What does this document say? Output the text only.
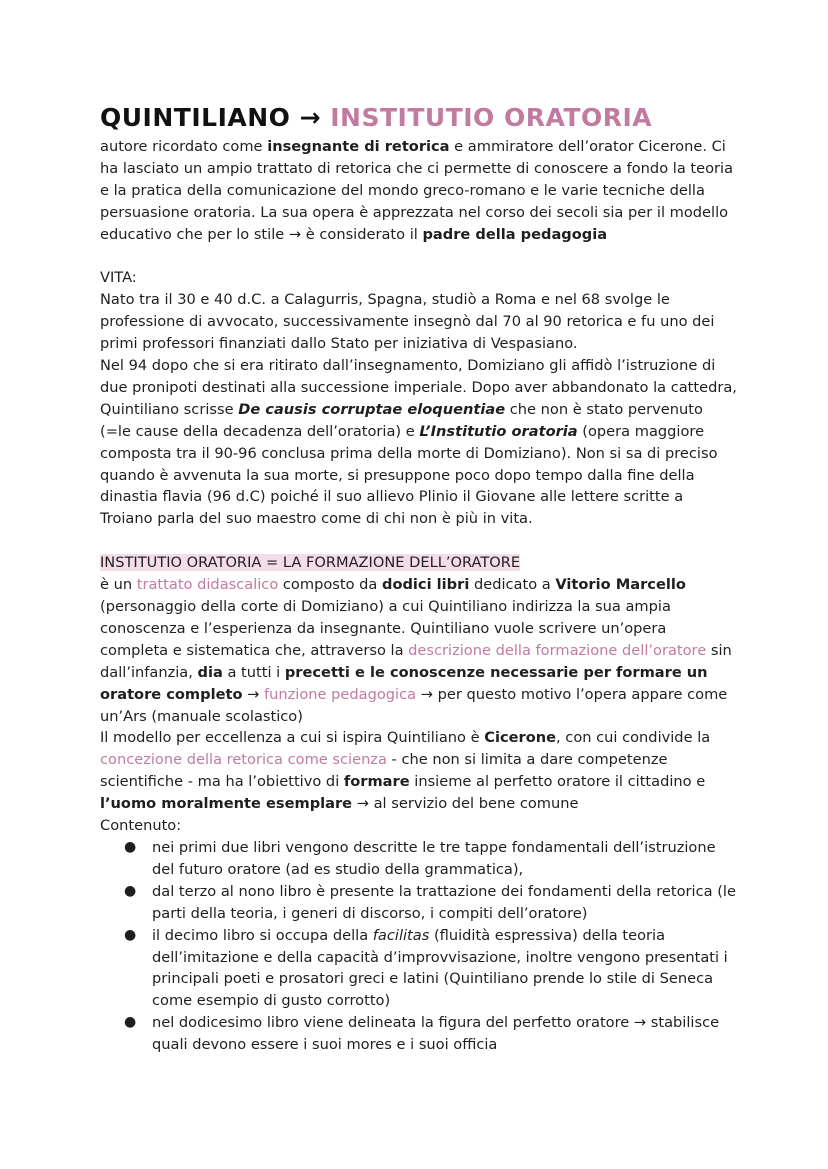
QUINTILIANO → INSTITUTIO ORATORIA

autore ricordato come insegnante di retorica e ammiratore dell’orator Cicerone. Ci ha lasciato un ampio trattato di retorica che ci permette di conoscere a fondo la teoria e la pratica della comunicazione del mondo greco-romano e le varie tecniche della persuasione oratoria. La sua opera è apprezzata nel corso dei secoli sia per il modello educativo che per lo stile → è considerato il padre della pedagogia

VITA:

Nato tra il 30 e 40 d.C. a Calagurris, Spagna, studiò a Roma e nel 68 svolge le professione di avvocato, successivamente insegnò dal 70 al 90 retorica e fu uno dei primi professori finanziati dallo Stato per iniziativa di Vespasiano.

Nel 94 dopo che si era ritirato dall’insegnamento, Domiziano gli affidò l’istruzione di due pronipoti destinati alla successione imperiale. Dopo aver abbandonato la cattedra, Quintiliano scrisse De causis corruptae eloquentiae che non è stato pervenuto (=le cause della decadenza dell’oratoria) e L’Institutio oratoria (opera maggiore composta tra il 90-96 conclusa prima della morte di Domiziano). Non si sa di preciso quando è avvenuta la sua morte, si presuppone poco dopo tempo dalla fine della dinastia flavia (96 d.C) poiché il suo allievo Plinio il Giovane alle lettere scritte a Troiano parla del suo maestro come di chi non è più in vita.

INSTITUTIO ORATORIA = LA FORMAZIONE DELL’ORATORE

è un trattato didascalico composto da dodici libri dedicato a Vitorio Marcello (personaggio della corte di Domiziano) a cui Quintiliano indirizza la sua ampia conoscenza e l’esperienza da insegnante. Quintiliano vuole scrivere un’opera completa e sistematica che, attraverso la descrizione della formazione dell’oratore sin dall’infanzia, dia a tutti i precetti e le conoscenze necessarie per formare un oratore completo → funzione pedagogica → per questo motivo l’opera appare come un’Ars (manuale scolastico)

Il modello per eccellenza a cui si ispira Quintiliano è Cicerone, con cui condivide la concezione della retorica come scienza - che non si limita a dare competenze scientifiche - ma ha l’obiettivo di formare insieme al perfetto oratore il cittadino e l’uomo moralmente esemplare → al servizio del bene comune

Contenuto:

● nei primi due libri vengono descritte le tre tappe fondamentali dell’istruzione del futuro oratore (ad es studio della grammatica),
● dal terzo al nono libro è presente la trattazione dei fondamenti della retorica (le parti della teoria, i generi di discorso, i compiti dell’oratore)
● il decimo libro si occupa della facilitas (fluidità espressiva) della teoria dell’imitazione e della capacità d’improvvisazione, inoltre vengono presentati i principali poeti e prosatori greci e latini (Quintiliano prende lo stile di Seneca come esempio di gusto corrotto)
● nel dodicesimo libro viene delineata la figura del perfetto oratore → stabilisce quali devono essere i suoi mores e i suoi officia
